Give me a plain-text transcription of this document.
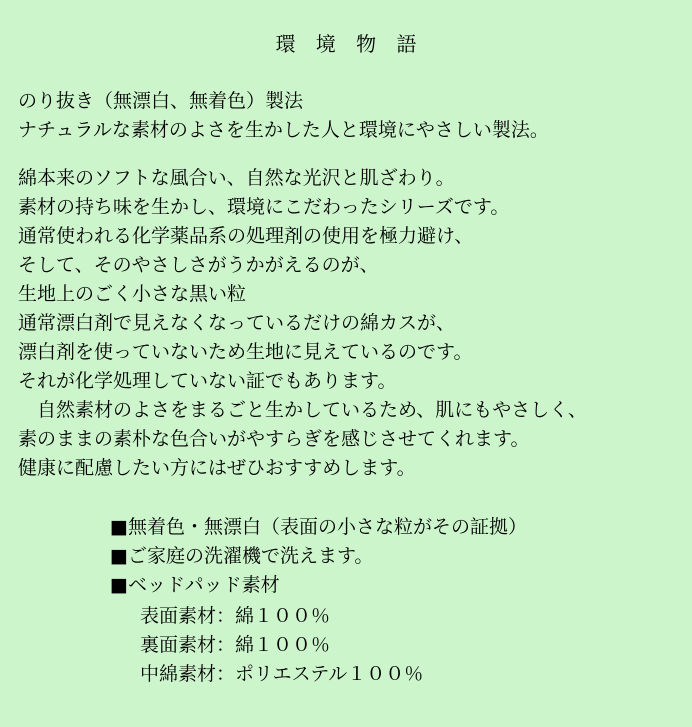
環 境 物 語
のり抜き（無漂白、無着色）製法
ナチュラルな素材のよさを生かした人と環境にやさしい製法。
綿本来のソフトな風合い、自然な光沢と肌ざわり。
素材の持ち味を生かし、環境にこだわったシリーズです。
通常使われる化学薬品系の処理剤の使用を極力避け、
そして、そのやさしさがうかがえるのが、
生地上のごく小さな黒い粒
通常漂白剤で見えなくなっているだけの綿カスが、
漂白剤を使っていないため生地に見えているのです。
それが化学処理していない証でもあります。
　自然素材のよさをまるごと生かしているため、肌にもやさしく、
素のままの素朴な色合いがやすらぎを感じさせてくれます。
健康に配慮したい方にはぜひおすすめします。
■無着色・無漂白（表面の小さな粒がその証拠）
■ご家庭の洗濯機で洗えます。
■ベッドパッド素材
表面素材：綿１００％
裏面素材：綿１００％
中綿素材：ポリエステル１００％
